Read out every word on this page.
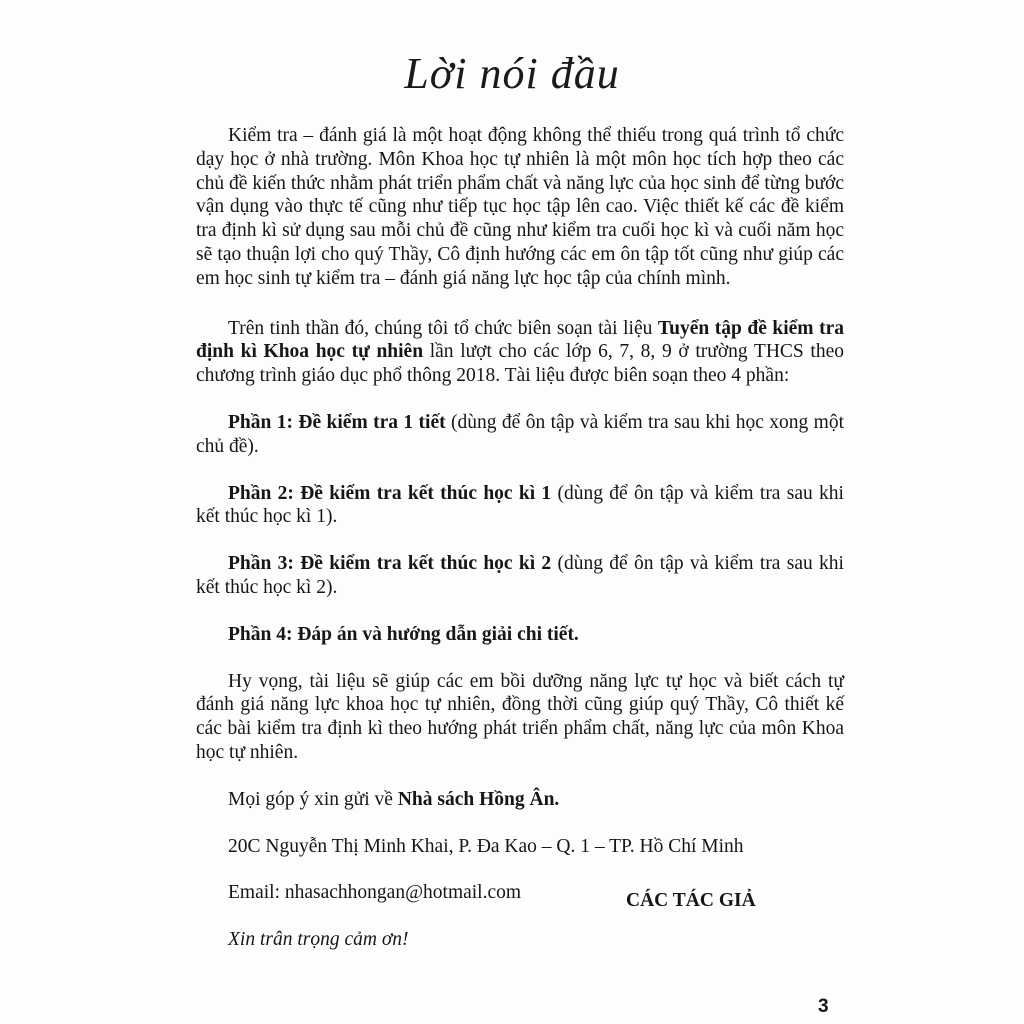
Lời nói đầu

Kiểm tra – đánh giá là một hoạt động không thể thiếu trong quá trình tổ chức dạy học ở nhà trường. Môn Khoa học tự nhiên là một môn học tích hợp theo các chủ đề kiến thức nhằm phát triển phẩm chất và năng lực của học sinh để từng bước vận dụng vào thực tế cũng như tiếp tục học tập lên cao. Việc thiết kế các đề kiểm tra định kì sử dụng sau mỗi chủ đề cũng như kiểm tra cuối học kì và cuối năm học sẽ tạo thuận lợi cho quý Thầy, Cô định hướng các em ôn tập tốt cũng như giúp các em học sinh tự kiểm tra – đánh giá năng lực học tập của chính mình.

Trên tinh thần đó, chúng tôi tổ chức biên soạn tài liệu Tuyển tập đề kiểm tra định kì Khoa học tự nhiên lần lượt cho các lớp 6, 7, 8, 9 ở trường THCS theo chương trình giáo dục phổ thông 2018. Tài liệu được biên soạn theo 4 phần:

Phần 1: Đề kiểm tra 1 tiết (dùng để ôn tập và kiểm tra sau khi học xong một chủ đề).

Phần 2: Đề kiểm tra kết thúc học kì 1 (dùng để ôn tập và kiểm tra sau khi kết thúc học kì 1).

Phần 3: Đề kiểm tra kết thúc học kì 2 (dùng để ôn tập và kiểm tra sau khi kết thúc học kì 2).

Phần 4: Đáp án và hướng dẫn giải chi tiết.

Hy vọng, tài liệu sẽ giúp các em bồi dưỡng năng lực tự học và biết cách tự đánh giá năng lực khoa học tự nhiên, đồng thời cũng giúp quý Thầy, Cô thiết kế các bài kiểm tra định kì theo hướng phát triển phẩm chất, năng lực của môn Khoa học tự nhiên.

Mọi góp ý xin gửi về Nhà sách Hồng Ân.

20C Nguyễn Thị Minh Khai, P. Đa Kao – Q. 1 – TP. Hồ Chí Minh

Email: nhasachhongan@hotmail.com

Xin trân trọng cảm ơn!

CÁC TÁC GIẢ
3
